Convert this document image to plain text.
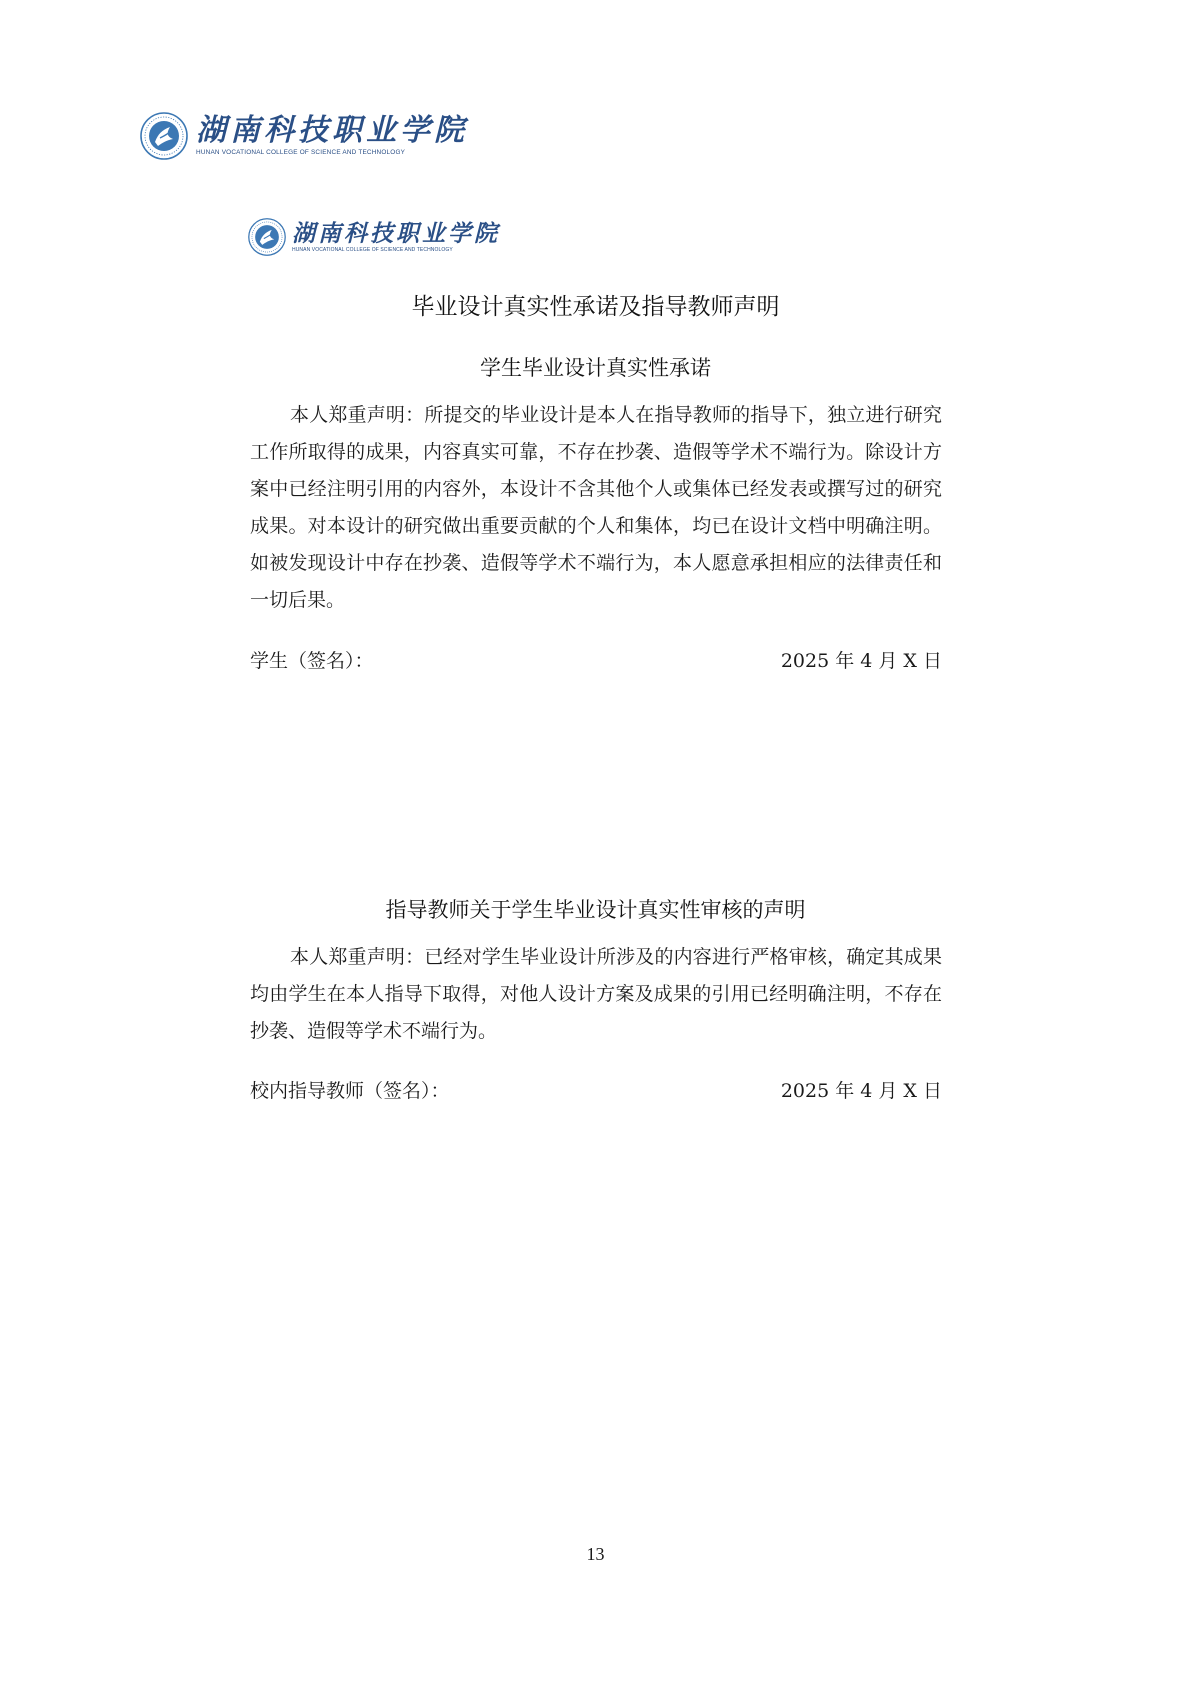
湖南科技职业学院
HUNAN VOCATIONAL COLLEGE OF SCIENCE AND TECHNOLOGY
湖南科技职业学院
HUNAN VOCATIONAL COLLEGE OF SCIENCE AND TECHNOLOGY
毕业设计真实性承诺及指导教师声明
学生毕业设计真实性承诺

本人郑重声明：所提交的毕业设计是本人在指导教师的指导下，独立进行研究工作所取得的成果，内容真实可靠，不存在抄袭、造假等学术不端行为。除设计方案中已经注明引用的内容外，本设计不含其他个人或集体已经发表或撰写过的研究成果。对本设计的研究做出重要贡献的个人和集体，均已在设计文档中明确注明。如被发现设计中存在抄袭、造假等学术不端行为，本人愿意承担相应的法律责任和一切后果。

学生（签名）：	2025 年 4 月 X 日
指导教师关于学生毕业设计真实性审核的声明

本人郑重声明：已经对学生毕业设计所涉及的内容进行严格审核，确定其成果均由学生在本人指导下取得，对他人设计方案及成果的引用已经明确注明，不存在抄袭、造假等学术不端行为。

校内指导教师（签名）：	2025 年 4 月 X 日
13
